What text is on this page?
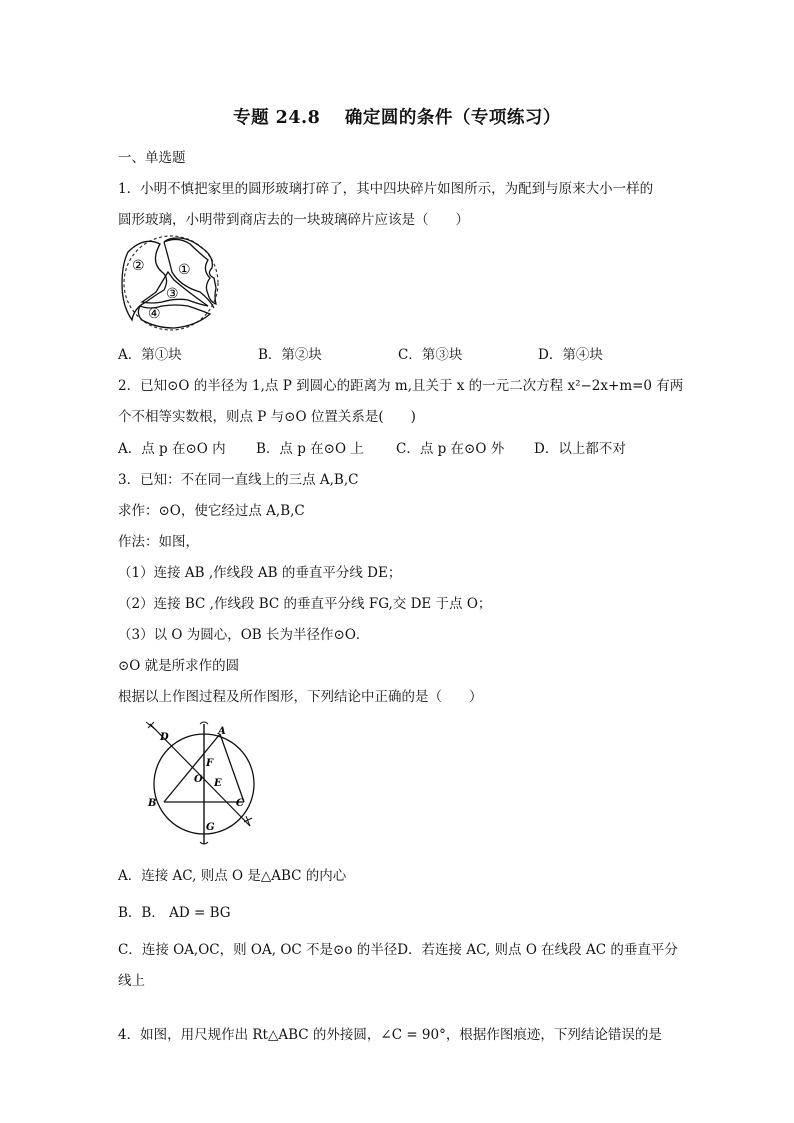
专题 24.8　 确定圆的条件（专项练习）
一、单选题
1．小明不慎把家里的圆形玻璃打碎了，其中四块碎片如图所示，为配到与原来大小一样的
圆形玻璃，小明带到商店去的一块玻璃碎片应该是（　　）
② ①
③
④
A．第①块	B．第②块	C．第③块	D．第④块
2．已知⊙O 的半径为 1,点 P 到圆心的距离为 m,且关于 x 的一元二次方程 x²−2x+m=0 有两
个不相等实数根，则点 P 与⊙O 位置关系是(　　)
A．点 p 在⊙O 内 B．点 p 在⊙O 上 C．点 p 在⊙O 外 D．以上都不对
3．已知：不在同一直线上的三点 A,B,C
求作：⊙O，使它经过点 A,B,C
作法：如图，
（1）连接 AB ,作线段 AB 的垂直平分线 DE；
（2）连接 BC ,作线段 BC 的垂直平分线 FG,交 DE 于点 O；
（3）以 O 为圆心，OB 长为半径作⊙O．
⊙O 就是所求作的圆
根据以上作图过程及所作图形，下列结论中正确的是（　　）
D
A
F
O E
B	C
G
A．连接 AC, 则点 O 是△ABC 的内心
B．B． AD = BG
C．连接 OA,OC，则 OA, OC 不是⊙o 的半径D．若连接 AC, 则点 O 在线段 AC 的垂直平分
线上
4．如图，用尺规作出 Rt△ABC 的外接圆，∠C = 90°，根据作图痕迹，下列结论错误的是
